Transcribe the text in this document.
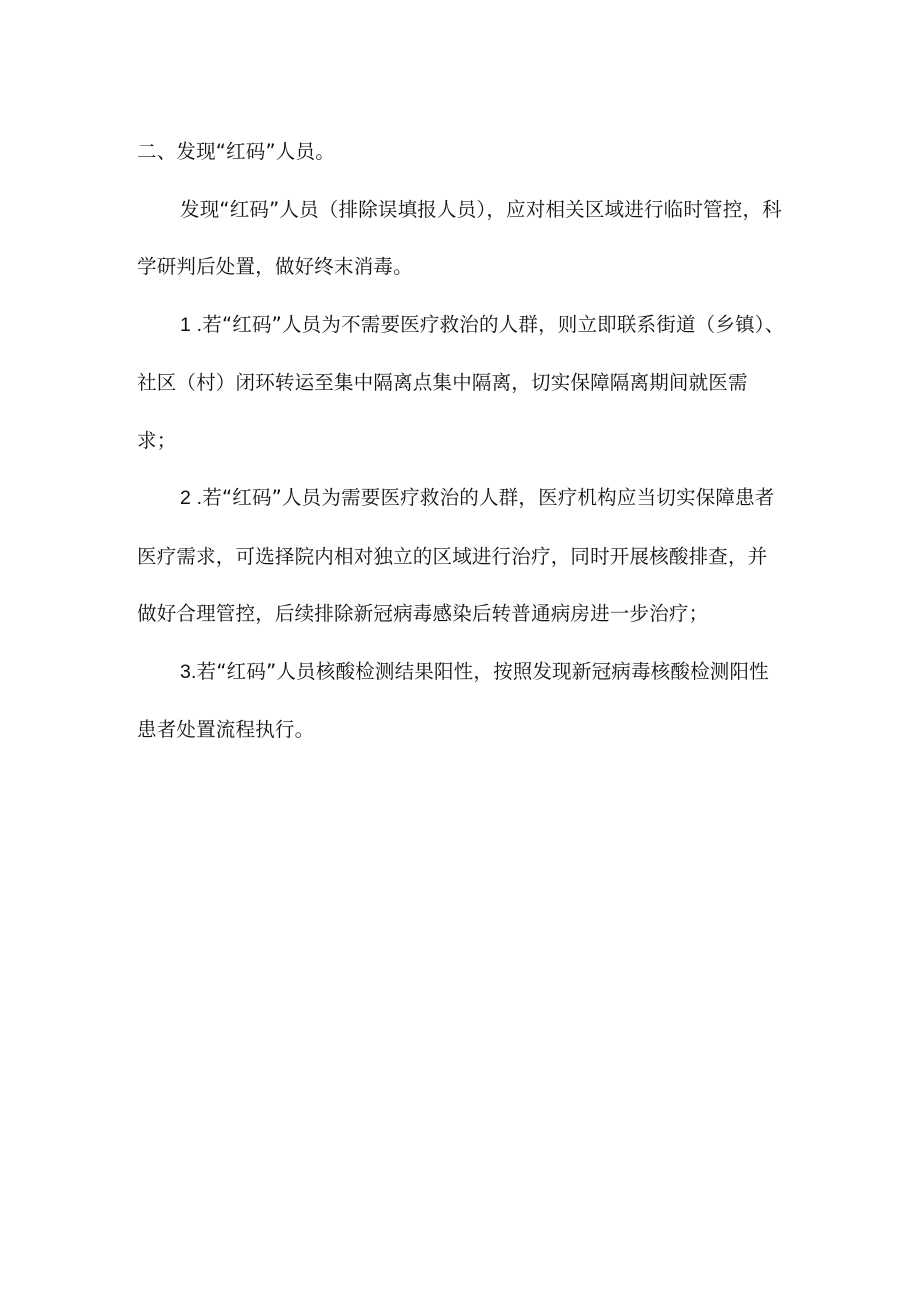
二、发现“红码”人员。

发现“红码”人员（排除误填报人员），应对相关区域进行临时管控，科学研判后处置，做好终末消毒。

1 .若“红码”人员为不需要医疗救治的人群，则立即联系街道（乡镇）、社区（村）闭环转运至集中隔离点集中隔离，切实保障隔离期间就医需求；

2 .若“红码”人员为需要医疗救治的人群，医疗机构应当切实保障患者医疗需求，可选择院内相对独立的区域进行治疗，同时开展核酸排查，并做好合理管控，后续排除新冠病毒感染后转普通病房进一步治疗；

3.若“红码”人员核酸检测结果阳性，按照发现新冠病毒核酸检测阳性患者处置流程执行。
